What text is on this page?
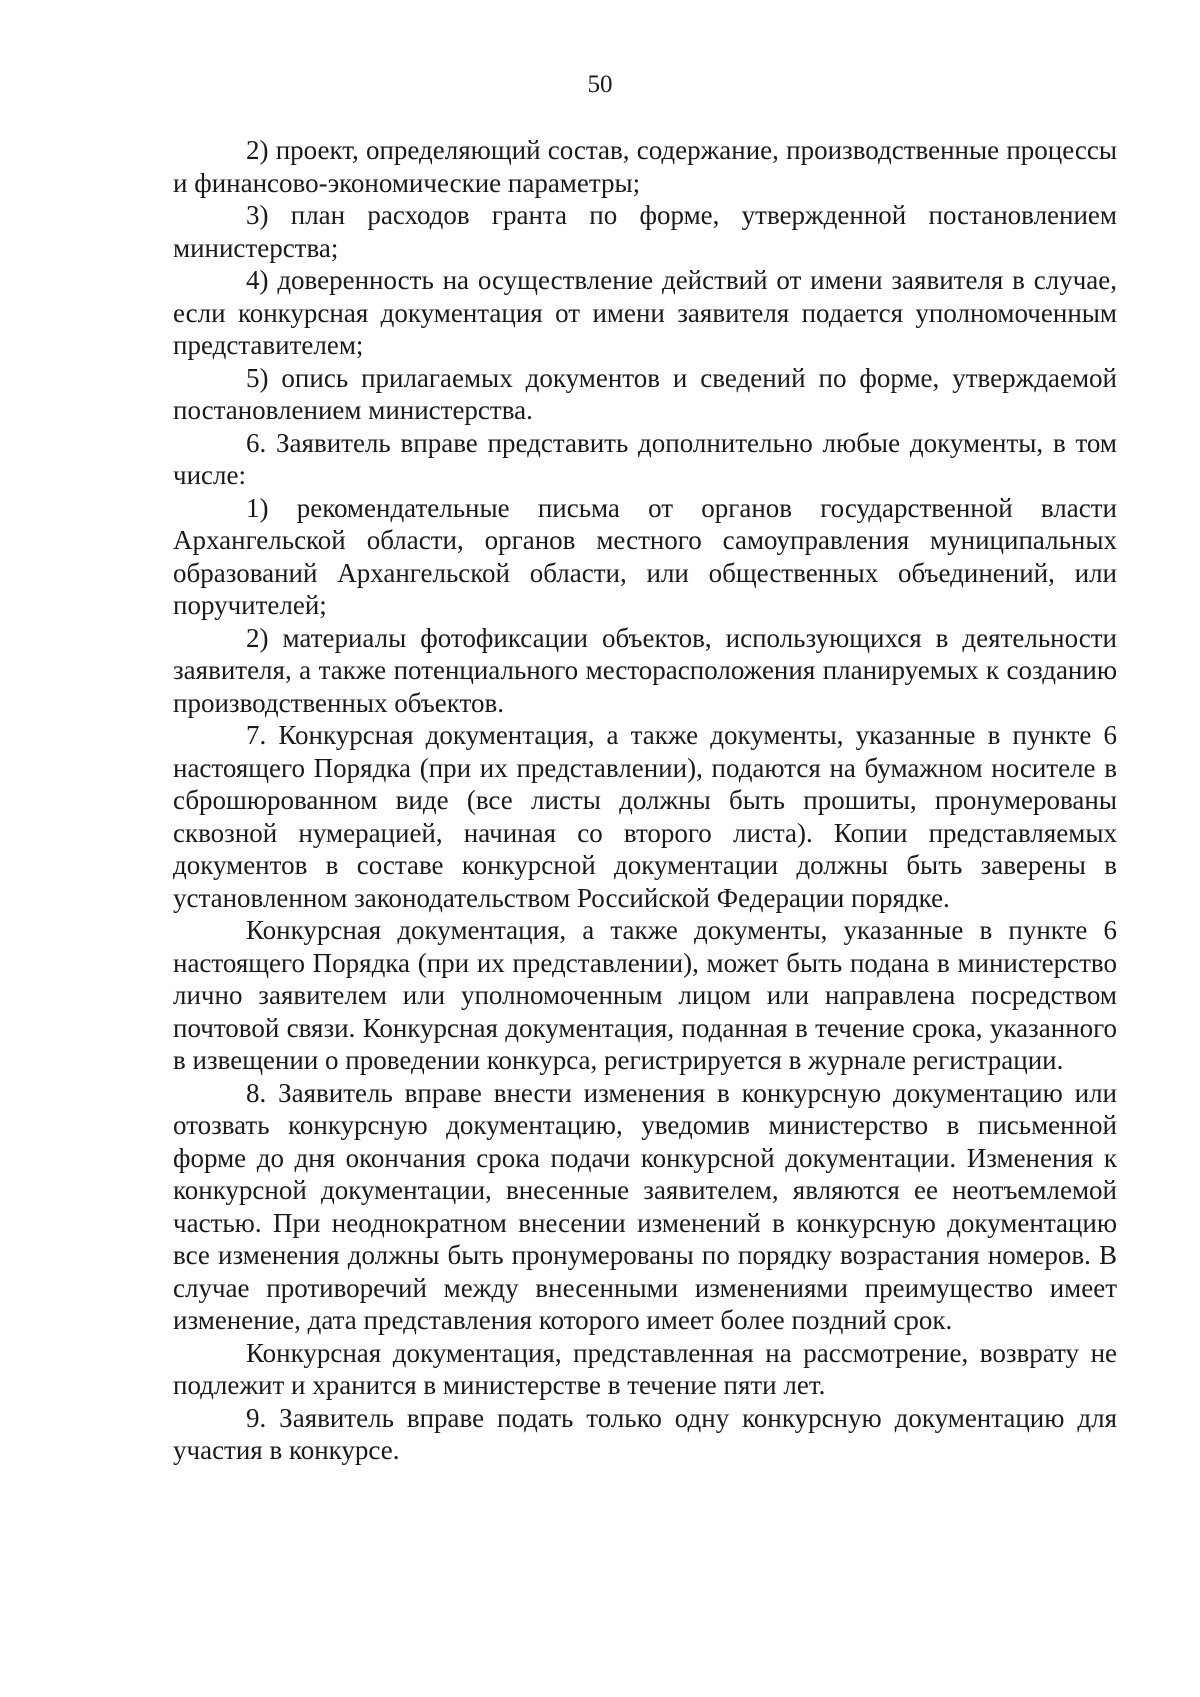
50

2) проект, определяющий состав, содержание, производственные процессы и финансово-экономические параметры;

3) план расходов гранта по форме, утвержденной постановлением министерства;

4) доверенность на осуществление действий от имени заявителя в случае, если конкурсная документация от имени заявителя подается уполномоченным представителем;

5) опись прилагаемых документов и сведений по форме, утверждаемой постановлением министерства.

6. Заявитель вправе представить дополнительно любые документы, в том числе:

1) рекомендательные письма от органов государственной власти Архангельской области, органов местного самоуправления муниципальных образований Архангельской области, или общественных объединений, или поручителей;

2) материалы фотофиксации объектов, использующихся в деятельности заявителя, а также потенциального месторасположения планируемых к созданию производственных объектов.

7. Конкурсная документация, а также документы, указанные в пункте 6 настоящего Порядка (при их представлении), подаются на бумажном носителе в сброшюрованном виде (все листы должны быть прошиты, пронумерованы сквозной нумерацией, начиная со второго листа). Копии представляемых документов в составе конкурсной документации должны быть заверены в установленном законодательством Российской Федерации порядке.

Конкурсная документация, а также документы, указанные в пункте 6 настоящего Порядка (при их представлении), может быть подана в министерство лично заявителем или уполномоченным лицом или направлена посредством почтовой связи. Конкурсная документация, поданная в течение срока, указанного в извещении о проведении конкурса, регистрируется в журнале регистрации.

8. Заявитель вправе внести изменения в конкурсную документацию или отозвать конкурсную документацию, уведомив министерство в письменной форме до дня окончания срока подачи конкурсной документации. Изменения к конкурсной документации, внесенные заявителем, являются ее неотъемлемой частью. При неоднократном внесении изменений в конкурсную документацию все изменения должны быть пронумерованы по порядку возрастания номеров. В случае противоречий между внесенными изменениями преимущество имеет изменение, дата представления которого имеет более поздний срок.

Конкурсная документация, представленная на рассмотрение, возврату не подлежит и хранится в министерстве в течение пяти лет.

9. Заявитель вправе подать только одну конкурсную документацию для участия в конкурсе.
